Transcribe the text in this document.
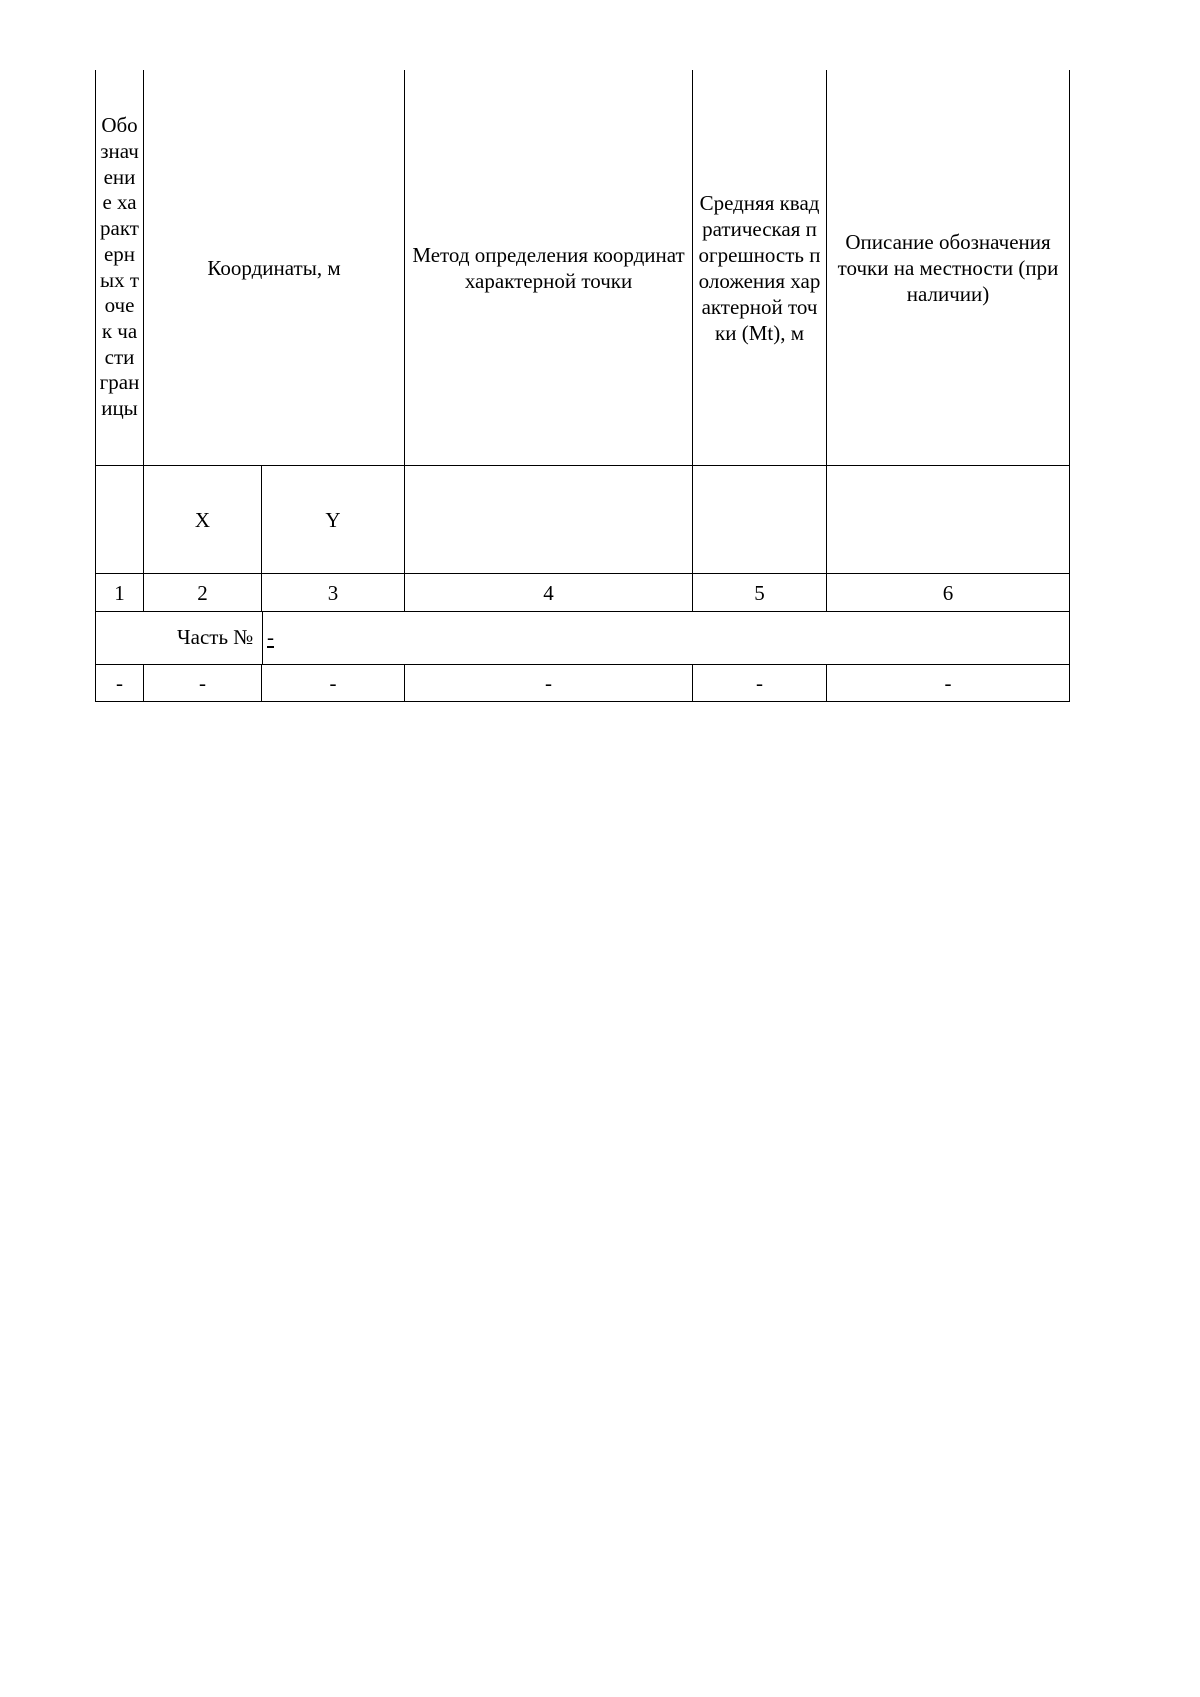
Обозначение характерных точек части границы	Координаты, м		Метод определения координат характерной точки	Средняя квадратическая погрешность положения характерной точки (Mt), м	Описание обозначения точки на местности (при наличии)
	X	Y			
1	2	3	4	5	6

Часть № -					

-	-	-	-	-	-
